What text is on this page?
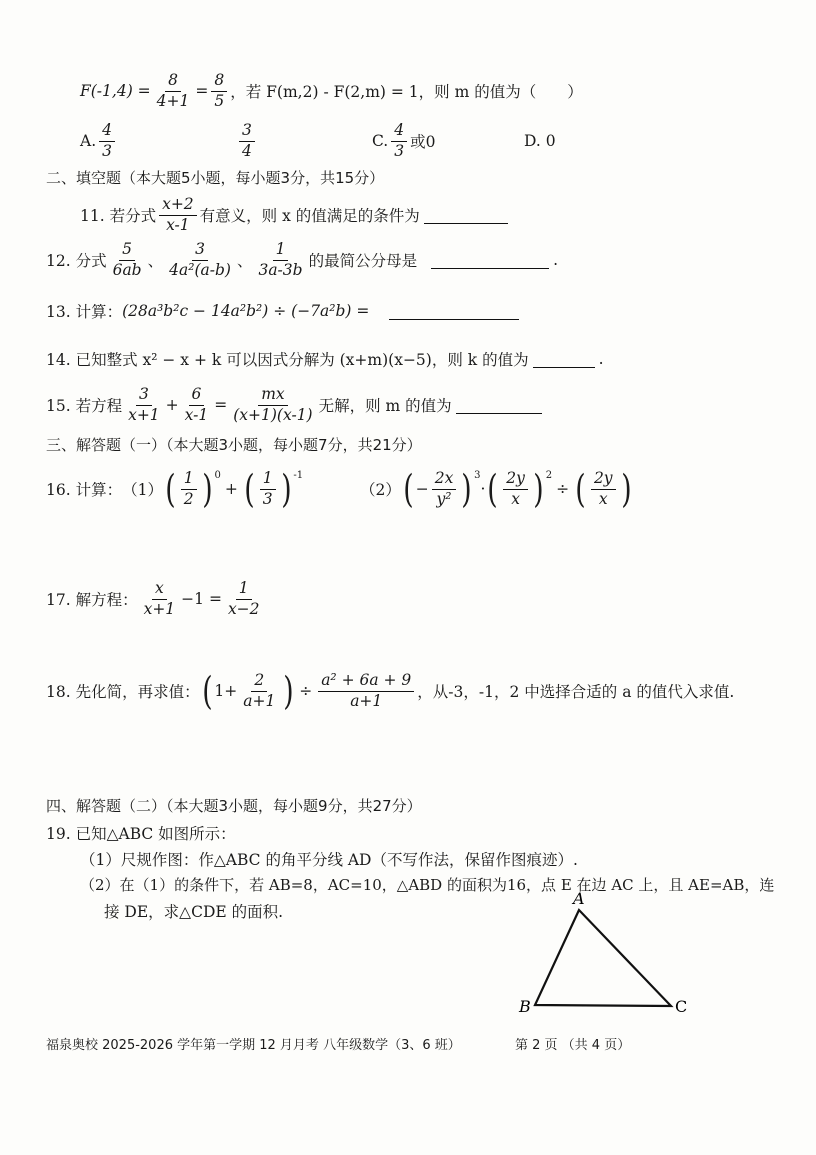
$F(-1,4) = \frac{8}{4+1} = \frac{8}{5}$ ，若 F(m,2) - F(2,m) = 1，则 m 的值为（　　）
A. $\frac{4}{3}$	$\frac{3}{4}$	C. $\frac{4}{3}$ 或0	D. 0
二、填空题（本大题5小题，每小题3分，共15分）
11. 若分式 $\frac{x+2}{x-1}$ 有意义，则 x 的值满足的条件为
12. 分式 $\frac{5}{6ab}$ 、 $\frac{3}{\text{4a²(a-b)}}$ 、 $\frac{1}{3a-3b}$ 的最简公分母是	.
13. 计算： (28a³b²c − 14a²b²) ÷ (−7a²b) =
14. 已知整式 x² − x + k 可以因式分解为 (x+m)(x−5)，则 k 的值为	.
15. 若方程 $\frac{3}{x+1} + \frac{6}{x-1} = \frac{mx}{(x+1)(x-1)}$ 无解，则 m 的值为
三、解答题（一）（本大题3小题，每小题7分，共21分）
16. 计算： （1） ( $\frac{1}{2} )^0$
+ ( $\frac{1}{3} )^{-1}$
（2） ( − $\frac{2x}{\text{y²}} )^3$
· ( $\frac{2y}{x} )^2$
÷ ( $\frac{2y}{x}$ )
17. 解方程： $\frac{x}{x+1} -1 = \frac{1}{x-2}$
18. 先化简，再求值： ( $1+ \frac{2}{a+1}$ ) ÷ $\frac{\text{a² + 6a + 9}}{a+1}$ ，从-3，-1，2 中选择合适的 a 的值代入求值.
四、解答题（二）（本大题3小题，每小题9分，共27分）
19. 已知△ABC 如图所示：
（1）尺规作图：作△ABC 的角平分线 AD（不写作法，保留作图痕迹）.
（2）在（1）的条件下，若 AB=8，AC=10，△ABD 的面积为16，点 E 在边 AC 上，且 AE=AB，连
接 DE，求△CDE 的面积.
A
B	C
福泉奥校 2025-2026 学年第一学期 12 月月考 八年级数学（3、6 班）	第 2 页 （共 4 页）
